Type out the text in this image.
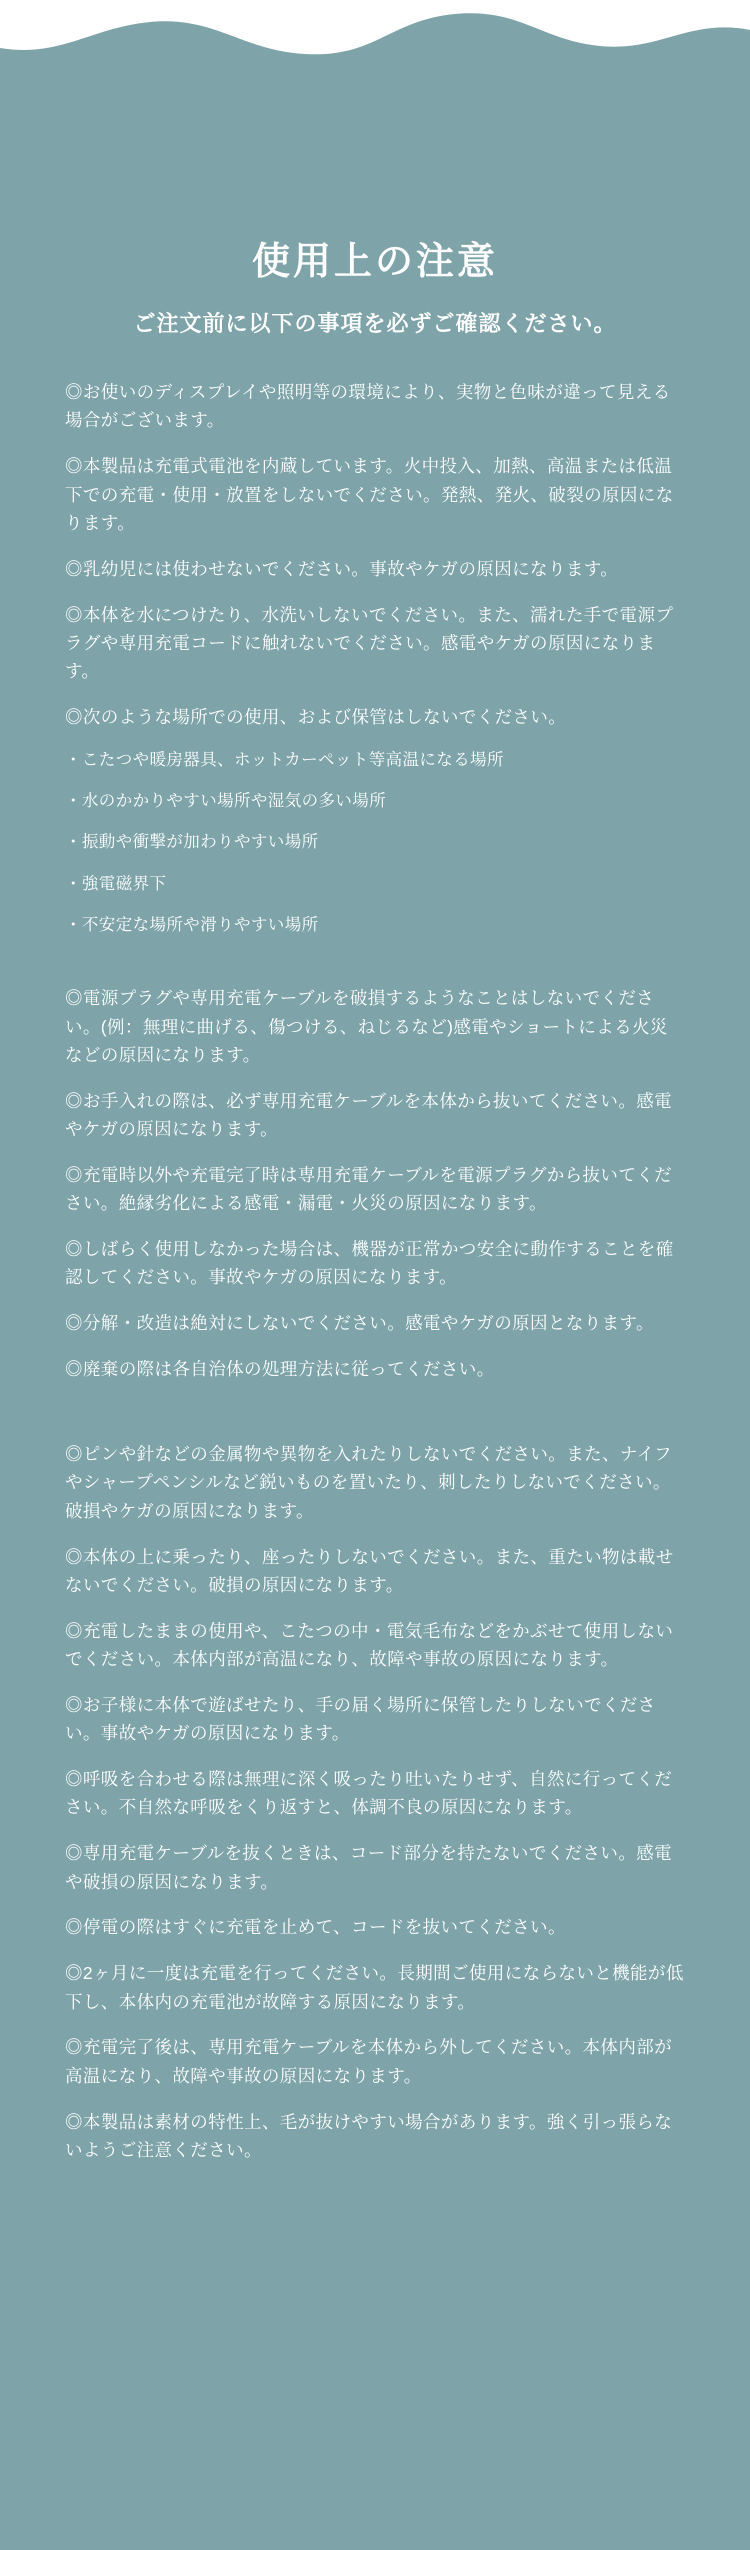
使用上の注意
ご注文前に以下の事項を必ずご確認ください。

◎お使いのディスプレイや照明等の環境により、実物と色味が違って見える場合がございます。

◎本製品は充電式電池を内蔵しています。火中投入、加熱、高温または低温下での充電・使用・放置をしないでください。発熱、発火、破裂の原因になります。

◎乳幼児には使わせないでください。事故やケガの原因になります。

◎本体を水につけたり、水洗いしないでください。また、濡れた手で電源プラグや専用充電コードに触れないでください。感電やケガの原因になります。

◎次のような場所での使用、および保管はしないでください。

・こたつや暖房器具、ホットカーペット等高温になる場所

・水のかかりやすい場所や湿気の多い場所

・振動や衝撃が加わりやすい場所

・強電磁界下

・不安定な場所や滑りやすい場所

◎電源プラグや専用充電ケーブルを破損するようなことはしないでください。(例：無理に曲げる、傷つける、ねじるなど)感電やショートによる火災などの原因になります。

◎お手入れの際は、必ず専用充電ケーブルを本体から抜いてください。感電やケガの原因になります。

◎充電時以外や充電完了時は専用充電ケーブルを電源プラグから抜いてください。絶縁劣化による感電・漏電・火災の原因になります。

◎しばらく使用しなかった場合は、機器が正常かつ安全に動作することを確認してください。事故やケガの原因になります。

◎分解・改造は絶対にしないでください。感電やケガの原因となります。

◎廃棄の際は各自治体の処理方法に従ってください。

◎ピンや針などの金属物や異物を入れたりしないでください。また、ナイフやシャープペンシルなど鋭いものを置いたり、刺したりしないでください。破損やケガの原因になります。

◎本体の上に乗ったり、座ったりしないでください。また、重たい物は載せないでください。破損の原因になります。

◎充電したままの使用や、こたつの中・電気毛布などをかぶせて使用しないでください。本体内部が高温になり、故障や事故の原因になります。

◎お子様に本体で遊ばせたり、手の届く場所に保管したりしないでください。事故やケガの原因になります。

◎呼吸を合わせる際は無理に深く吸ったり吐いたりせず、自然に行ってください。不自然な呼吸をくり返すと、体調不良の原因になります。

◎専用充電ケーブルを抜くときは、コード部分を持たないでください。感電や破損の原因になります。

◎停電の際はすぐに充電を止めて、コードを抜いてください。

◎2ヶ月に一度は充電を行ってください。長期間ご使用にならないと機能が低下し、本体内の充電池が故障する原因になります。

◎充電完了後は、専用充電ケーブルを本体から外してください。本体内部が高温になり、故障や事故の原因になります。

◎本製品は素材の特性上、毛が抜けやすい場合があります。強く引っ張らないようご注意ください。
